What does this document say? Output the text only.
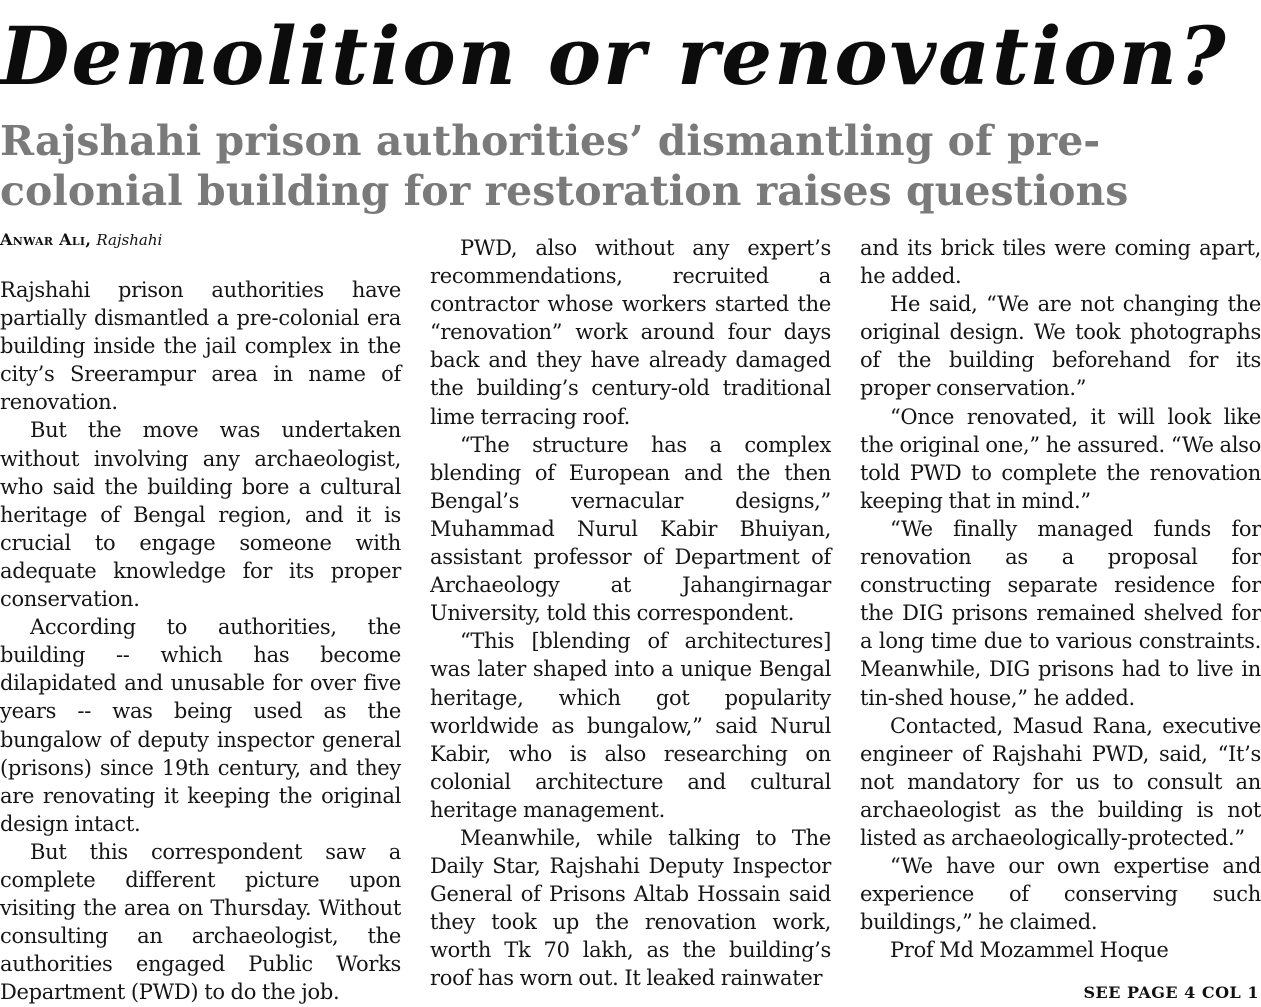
Demolition or renovation?
Rajshahi prison authorities’ dismantling of pre-colonial building for restoration raises questions
Anwar Ali, Rajshahi

Rajshahi prison authorities have partially dismantled a pre-colonial era building inside the jail complex in the city’s Sreerampur area in name of renovation.

But the move was undertaken without involving any archaeologist, who said the building bore a cultural heritage of Bengal region, and it is crucial to engage someone with adequate knowledge for its proper conservation.

According to authorities, the building -- which has become dilapidated and unusable for over five years -- was being used as the bungalow of deputy inspector general (prisons) since 19th century, and they are renovating it keeping the original design intact.

But this correspondent saw a complete different picture upon visiting the area on Thursday. Without consulting an archaeologist, the authorities engaged Public Works Department (PWD) to do the job.

PWD, also without any expert’s recommendations, recruited a contractor whose workers started the “renovation” work around four days back and they have already damaged the building’s century-old traditional lime terracing roof.

“The structure has a complex blending of European and the then Bengal’s vernacular designs,” Muhammad Nurul Kabir Bhuiyan, assistant professor of Department of Archaeology at Jahangirnagar University, told this correspondent.

“This [blending of architectures] was later shaped into a unique Bengal heritage, which got popularity worldwide as bungalow,” said Nurul Kabir, who is also researching on colonial architecture and cultural heritage management.

Meanwhile, while talking to The Daily Star, Rajshahi Deputy Inspector General of Prisons Altab Hossain said they took up the renovation work, worth Tk 70 lakh, as the building’s roof has worn out. It leaked rainwater

and its brick tiles were coming apart, he added.

He said, “We are not changing the original design. We took photographs of the building beforehand for its proper conservation.”

“Once renovated, it will look like the original one,” he assured. “We also told PWD to complete the renovation keeping that in mind.”

“We finally managed funds for renovation as a proposal for constructing separate residence for the DIG prisons remained shelved for a long time due to various constraints. Meanwhile, DIG prisons had to live in tin-shed house,” he added.

Contacted, Masud Rana, executive engineer of Rajshahi PWD, said, “It’s not mandatory for us to consult an archaeologist as the building is not listed as archaeologically-protected.”

“We have our own expertise and experience of conserving such buildings,” he claimed.

Prof Md Mozammel Hoque

SEE PAGE 4 COL 1
